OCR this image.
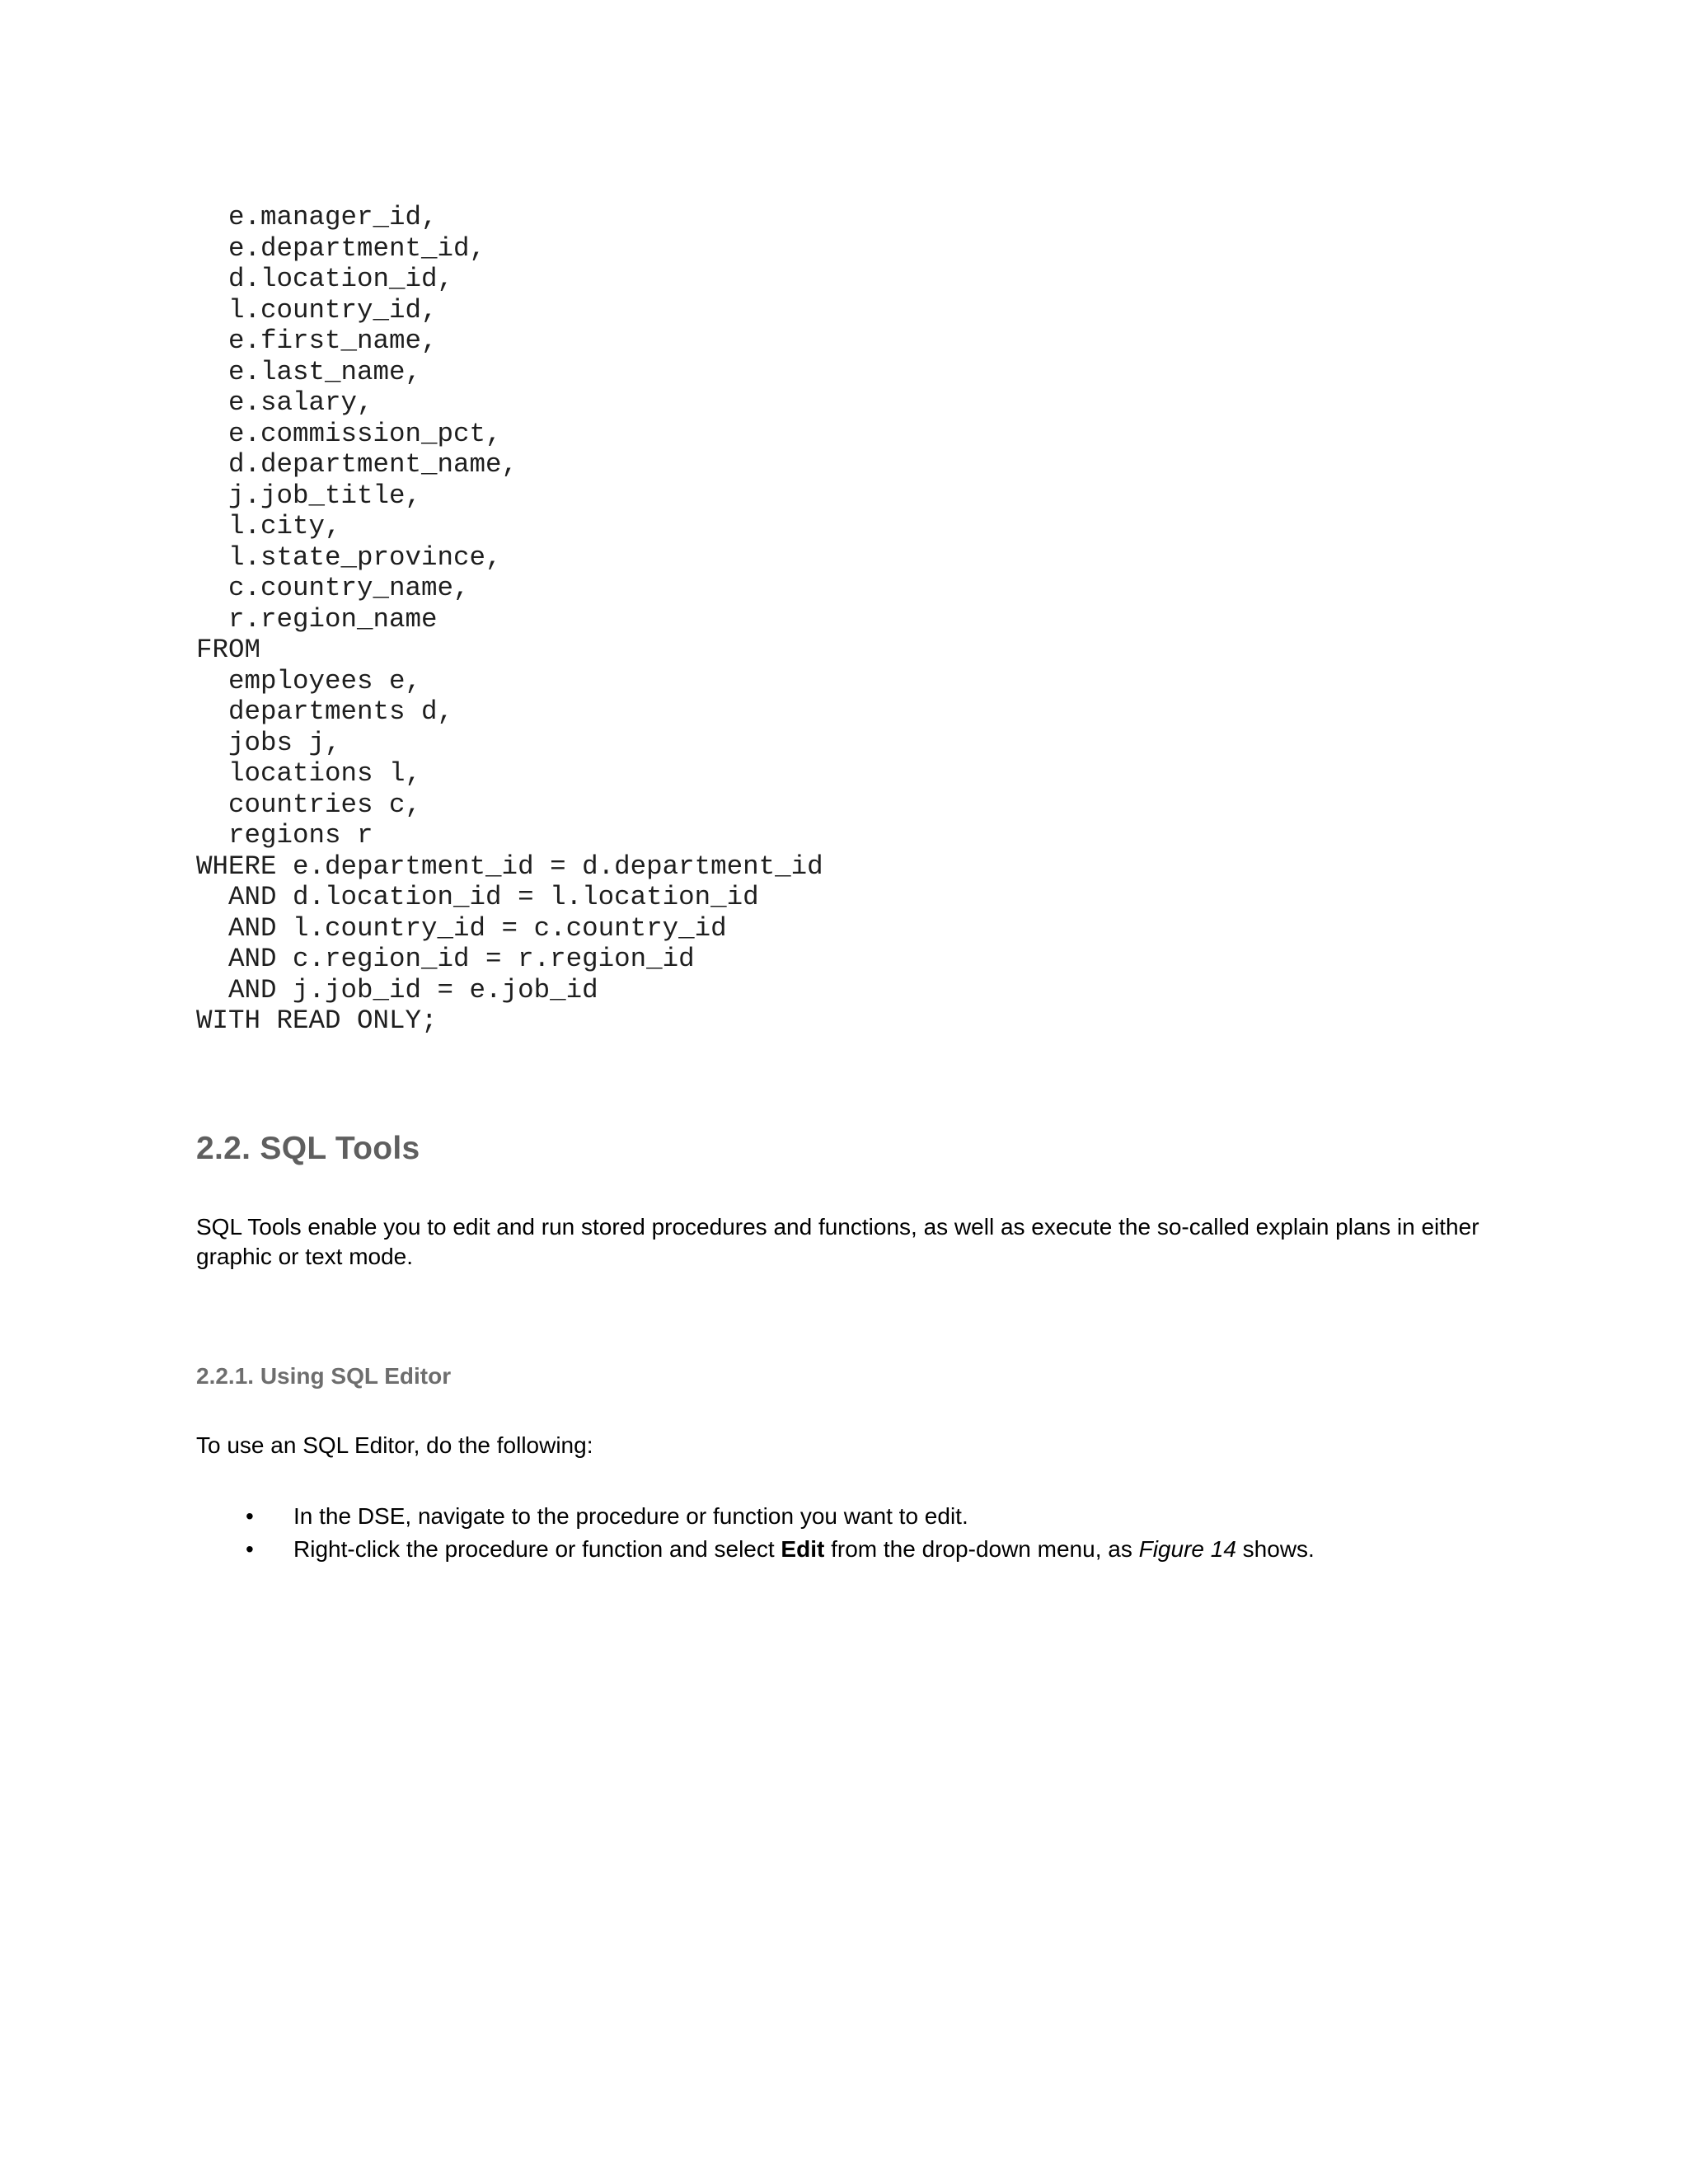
e.manager_id,
e.department_id,
d.location_id,
l.country_id,
e.first_name,
e.last_name,
e.salary,
e.commission_pct,
d.department_name,
j.job_title,
l.city,
l.state_province,
c.country_name,
r.region_name
FROM
employees e,
departments d,
jobs j,
locations l,
countries c,
regions r
WHERE e.department_id = d.department_id
AND d.location_id = l.location_id
AND l.country_id = c.country_id
AND c.region_id = r.region_id
AND j.job_id = e.job_id
WITH READ ONLY;
2.2. SQL Tools

SQL Tools enable you to edit and run stored procedures and functions, as well as execute the so-called explain plans in either graphic or text mode.

2.2.1. Using SQL Editor

To use an SQL Editor, do the following:

• In the DSE, navigate to the procedure or function you want to edit.
• Right-click the procedure or function and select Edit from the drop-down menu, as Figure 14 shows.
